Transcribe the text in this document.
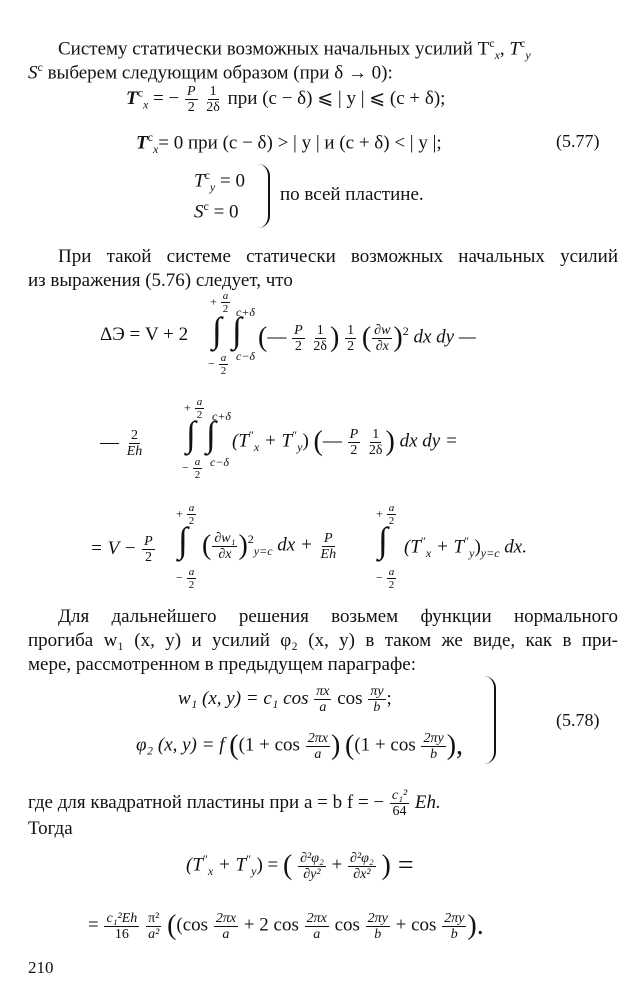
Систему статически возможных начальных усилий $T^c_x$, $T^c_y$

$S^c$ выберем следующим образом (при δ → 0):

$T^c_x$ = − $\frac{P}{2}$
$\frac{1}{2\delta}$ при (c − δ) ⩽ | y | ⩽ (c + δ);
$T^c_x= 0$ при (c − δ) > | y | и (c + δ) < | y |;	(5.77)
$T^c_y = 0$
$S^c = 0$
по всей пластине.

При такой системе статически возможных начальных усилий

из выражения (5.76) следует, что

ΔЭ = V + 2
+ $\frac{a}{2} c+\delta$
∫ ∫
− $\frac{a}{2} c-\delta$
(— $\frac{P}{2}$
$\frac{1}{2\delta}$ ) $\frac{1}{2}$ ( $\frac{\partial w}{\partial x} )^2$ dx dy —
— $\frac{2}{Eh}$
+ $\frac{a}{2} c+\delta$
∫ ∫
− $\frac{a}{2} c-\delta$
$(T''_x + T''_y)$ (— $\frac{P}{2}$
$\frac{1}{2\delta}$ ) dx dy =
= $V - \frac{P}{2}$
+ $\frac{a}{2}$
∫
− $\frac{a}{2}$
( $\frac{\text{∂w₁}}{\partial x} )^2_{y=c}$ dx + $\frac{P}{Eh}$
+ $\frac{a}{2}$
∫
− $\frac{a}{2}$
$(T''_x + T''_y)_{y=c}$ dx.

Для дальнейшего решения возьмем функции нормального

прогиба w₁ (x, y) и усилий φ₂ (x, y) в таком же виде, как в при-

мере, рассмотренном в предыдущем параграфе:

w₁ (x, y) = c₁ $\cos \frac{\pi x}{a}$ $\cos \frac{\pi y}{b}$ ;
φ₂ (x, y) = f (($1 + \cos \frac{2\pi x}{a}$ ) (($1 + \cos \frac{2\pi y}{b}$ ),
(5.78)
где для квадратной пластины при a = b f = − $\frac{\text{c₁²}}{64} Eh$.

Тогда

$(T''_x + T''_y)$ = ( $\frac{\text{∂²φ₂}}{\text{∂y²}} + \frac{\text{∂²φ₂}}{\text{∂x²}}$ ) =
= $\frac{\text{c₁²Eh}}{16}$
$\frac{\text{π²}}{\text{a²}} ((\cos \frac{2\pi x}{a} + 2$ $\cos \frac{2\pi x}{a}$ $\cos \frac{2\pi y}{b} + \cos \frac{2\pi y}{b}$ ).
210
